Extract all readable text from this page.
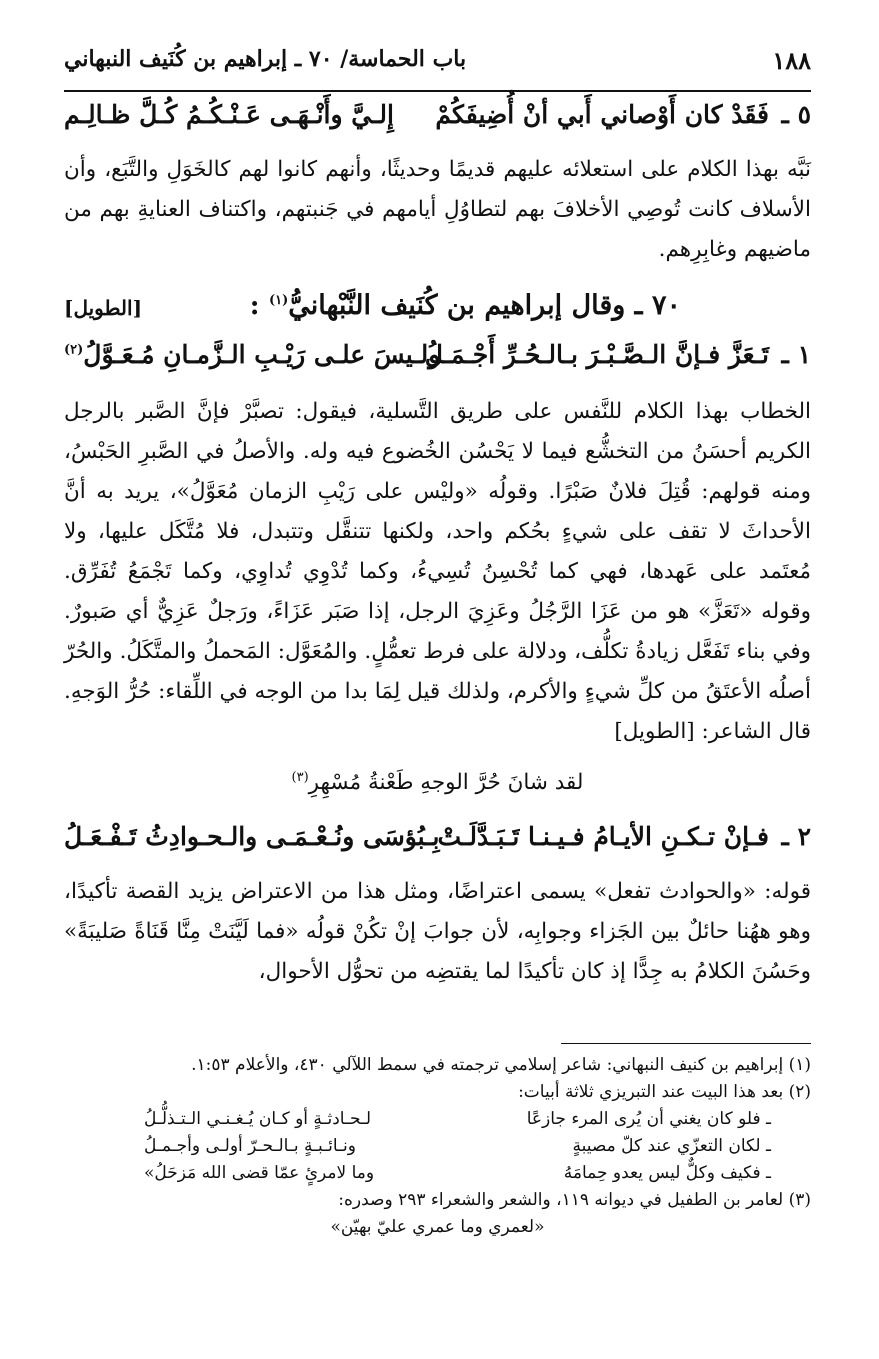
١٨٨
باب الحماسة/ ٧٠ ـ إبراهيم بن كُنَيف النبهاني
٥ ـ
فَقَدْ كان أَوْصاني أَبي أنْ أُضِيفَكُمْ
إِلـيَّ وأَنْـهَـى عَـنْـكُـمُ كُـلَّ ظـالِـم
نَبَّه بهذا الكلام على استعلائه عليهم قديمًا وحديثًا، وأنهم كانوا لهم كالخَوَلِ والتَّبَع، وأن الأسلاف كانت تُوصِي الأخلافَ بهم لتطاوُلِ أيامهم في جَنبتهم، واكتناف العنايةِ بهم من ماضيهم وغابِرِهم.
٧٠ ـ وقال إبراهيم بن كُنَيف النَّبْهانيُّ$^{(١)}$ :
[الطويل]
١ ـ
تَـعَزَّ فـإنَّ الـصَّـبْـرَ بـالـحُـرِّ أَجْـمَـلُ
ولـيسَ علـى رَيْـبِ الـزَّمـانِ مُـعَـوَّلُ$^{(٢)}$
الخطاب بهذا الكلام للنَّفس على طريق التَّسلية، فيقول: تصبَّرْ فإنَّ الصَّبر بالرجل الكريم أحسَنُ من التخشُّع فيما لا يَحْسُن الخُضوع فيه وله. والأصلُ في الصَّبرِ الحَبْسُ، ومنه قولهم: قُتِلَ فلانٌ صَبْرًا. وقولُه «وليْس على رَيْبِ الزمان مُعَوَّلُ»، يريد به أنَّ الأحداثَ لا تقف على شيءٍ بحُكم واحد، ولكنها تتنقَّل وتتبدل، فلا مُتَّكَل عليها، ولا مُعتَمد على عَهدها، فهي كما تُحْسِنُ تُسِيءُ، وكما تُدْوِي تُداوِي، وكما تَجْمَعُ تُفَرِّق. وقوله «تَعَزَّ» هو من عَزَا الرَّجُلُ وعَزِيَ الرجل، إذا صَبَر عَزَاءً، ورَجلٌ عَزِيٌّ أي صَبورٌ. وفي بناء تَفَعَّل زيادةُ تكلُّف، ودلالة على فرط تعمُّلٍ. والمُعَوَّل: المَحملُ والمتَّكَلُ. والحُرّ أصلُه الأعتَقُ من كلِّ شيءٍ والأكرم، ولذلك قيل لِمَا بدا من الوجه في اللِّقاء: حُرُّ الوَجهِ. قال الشاعر: [الطويل]
لقد شانَ حُرَّ الوجهِ طَعْنةُ مُسْهِرِ$^{(٣)}$
٢ ـ
فـإنْ تـكـنِ الأيـامُ فـيـنـا تَـبَـدَّلَـتْ
بِـبُؤسَى ونُـعْـمَـى والـحـوادِثُ تَـفْـعَـلُ
قوله: «والحوادث تفعل» يسمى اعتراضًا، ومثل هذا من الاعتراض يزيد القصة تأكيدًا، وهو ههُنا حائلٌ بين الجَزاء وجوابِه، لأن جوابَ إنْ تكُنْ قولُه «فما لَيَّنَتْ مِنَّا قَنَاةً صَليبَةً» وحَسُنَ الكلامُ به جِدًّا إذ كان تأكيدًا لما يقتضِه من تحوُّل الأحوال،
(١) إبراهيم بن كنيف النبهاني: شاعر إسلامي ترجمته في سمط اللآلي ٤٣٠، والأعلام ١:٥٣.
(٢) بعد هذا البيت عند التبريزي ثلاثة أبيات:
ـ فلو كان يغني أن يُرى المرء جازعًا
لـحـادثـةٍ أو كـان يُـغـنـي الـتـذلُّـلُ
ـ لكان التعزّي عند كلّ مصيبةٍ
ونـائـبـةٍ بـالـحـرّ أولـى وأجـمـلُ
ـ فكيف وكلٌّ ليس يعدو حِمامَهُ
وما لامرئٍ عمّا قضى الله مَزحَلُ»
(٣) لعامر بن الطفيل في ديوانه ١١٩، والشعر والشعراء ٢٩٣ وصدره:
«لعمري وما عمري عليّ بهيّن»
